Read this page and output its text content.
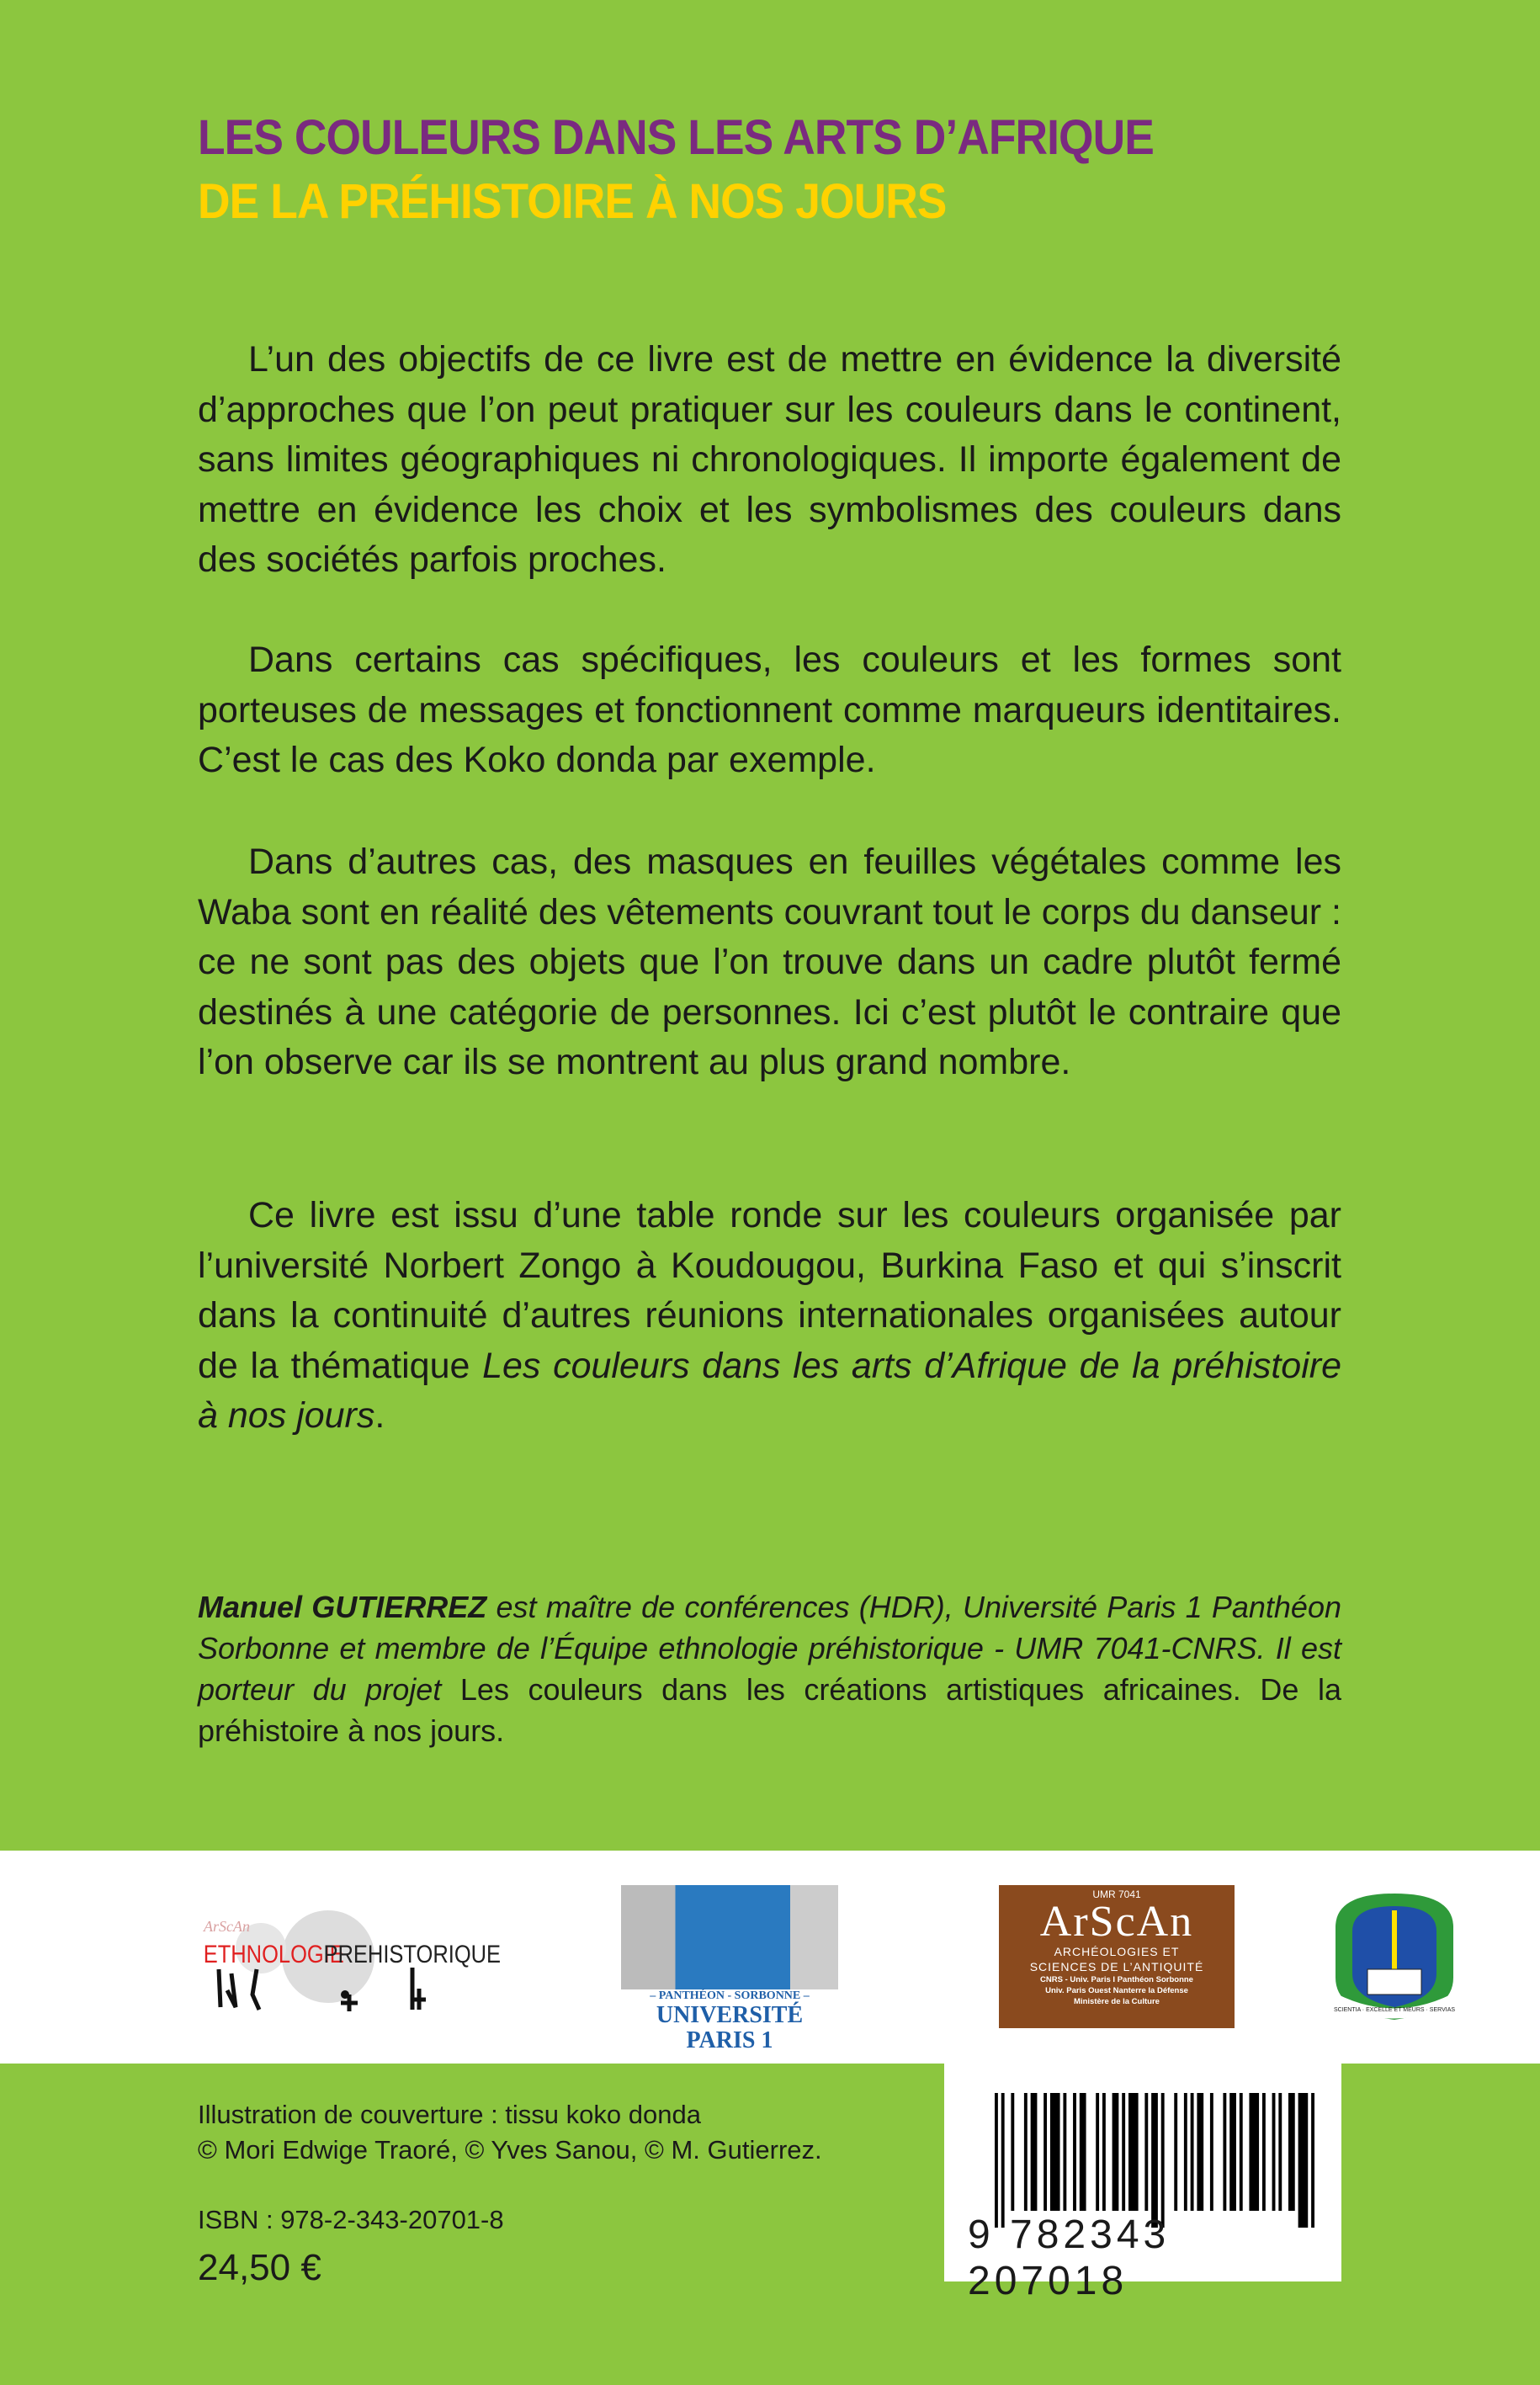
LES COULEURS DANS LES ARTS D’AFRIQUE
DE LA PRÉHISTOIRE À NOS JOURS

L’un des objectifs de ce livre est de mettre en évidence la diversité d’approches que l’on peut pratiquer sur les couleurs dans le continent, sans limites géographiques ni chronologiques. Il importe également de mettre en évidence les choix et les symbolismes des couleurs dans des sociétés parfois proches.

Dans certains cas spécifiques, les couleurs et les formes sont porteuses de messages et fonctionnent comme marqueurs identitaires. C’est le cas des Koko donda par exemple.

Dans d’autres cas, des masques en feuilles végétales comme les Waba sont en réalité des vêtements couvrant tout le corps du danseur : ce ne sont pas des objets que l’on trouve dans un cadre plutôt fermé destinés à une catégorie de personnes. Ici c’est plutôt le contraire que l’on observe car ils se montrent au plus grand nombre.

Ce livre est issu d’une table ronde sur les couleurs organisée par l’université Norbert Zongo à Koudougou, Burkina Faso et qui s’inscrit dans la continuité d’autres réunions internationales organisées autour de la thématique Les couleurs dans les arts d’Afrique de la préhistoire à nos jours.

Manuel GUTIERREZ est maître de conférences (HDR), Université Paris 1 Panthéon Sorbonne et membre de l’Équipe ethnologie préhistorique - UMR 7041-CNRS. Il est porteur du projet Les couleurs dans les créations artistiques africaines. De la préhistoire à nos jours.
ArScAn
ETHNOLOGIE
PREHISTORIQUE
– PANTHÉON - SORBONNE –
UNIVERSITÉ PARIS 1
UMR 7041
ArScAn
ARCHÉOLOGIES ET
SCIENCES DE L’ANTIQUITÉ
CNRS - Univ. Paris I Panthéon Sorbonne
Univ. Paris Ouest Nanterre la Défense
Ministère de la Culture
SCIENTIA · EXCELLE ET MEURS · SERVIAS
Illustration de couverture : tissu koko donda
© Mori Edwige Traoré, © Yves Sanou, © M. Gutierrez.
ISBN : 978-2-343-20701-8
24,50 €
9 782343 207018
